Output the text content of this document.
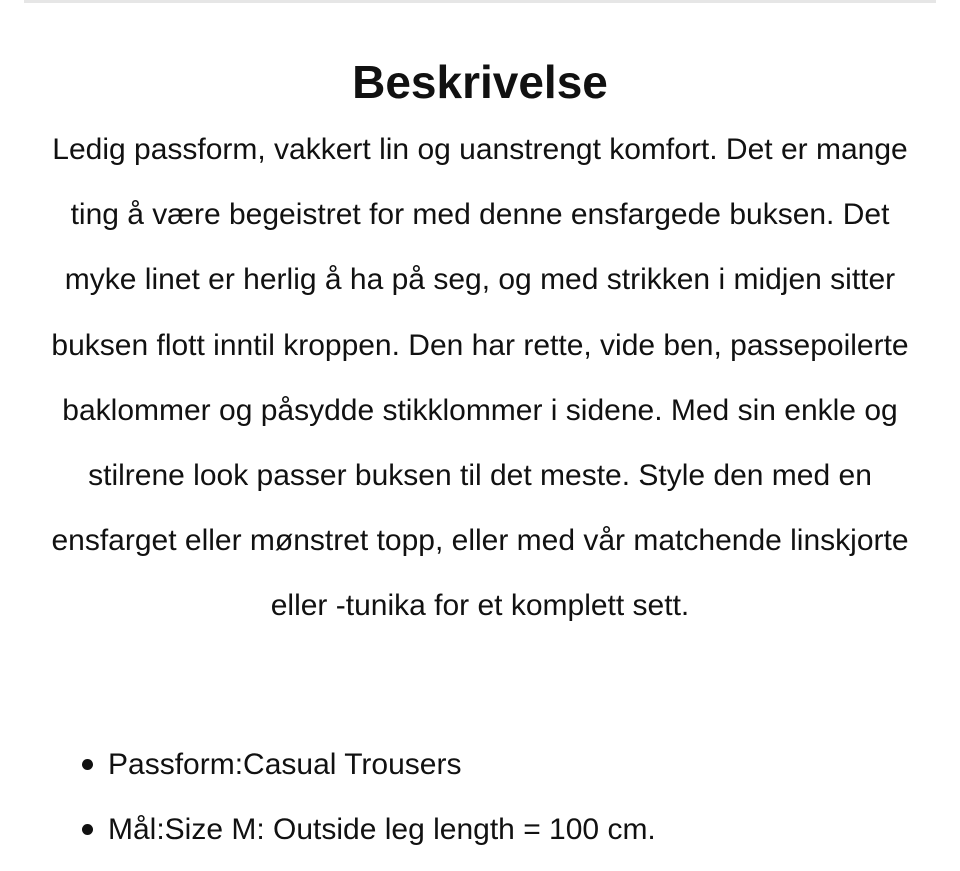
Beskrivelse

Ledig passform, vakkert lin og uanstrengt komfort. Det er mange ting å være begeistret for med denne ensfargede buksen. Det myke linet er herlig å ha på seg, og med strikken i midjen sitter buksen flott inntil kroppen. Den har rette, vide ben, passepoilerte baklommer og påsydde stikklommer i sidene. Med sin enkle og stilrene look passer buksen til det meste. Style den med en ensfarget eller mønstret topp, eller med vår matchende linskjorte eller -tunika for et komplett sett.

Passform:Casual Trousers
Mål:Size M: Outside leg length = 100 cm.
